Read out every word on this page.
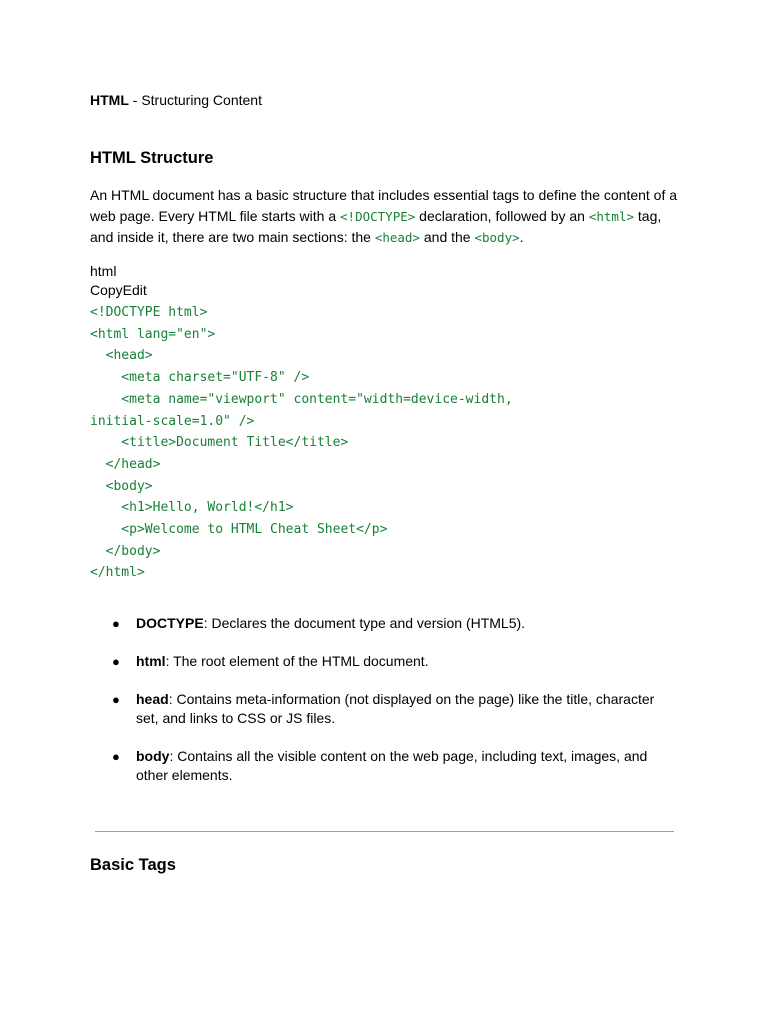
HTML - Structuring Content
HTML Structure

An HTML document has a basic structure that includes essential tags to define the content of a web page. Every HTML file starts with a <!DOCTYPE> declaration, followed by an <html> tag, and inside it, there are two main sections: the <head> and the <body>.

html
CopyEdit
<!DOCTYPE html>
<html lang="en">
<head>
<meta charset="UTF-8" />
<meta name="viewport" content="width=device-width,
initial-scale=1.0" />
<title>Document Title</title>
</head>
<body>
<h1>Hello, World!</h1>
<p>Welcome to HTML Cheat Sheet</p>
</body>
</html>
● DOCTYPE: Declares the document type and version (HTML5).
● html: The root element of the HTML document.
● head: Contains meta-information (not displayed on the page) like the title, character set, and links to CSS or JS files.
● body: Contains all the visible content on the web page, including text, images, and other elements.
Basic Tags
